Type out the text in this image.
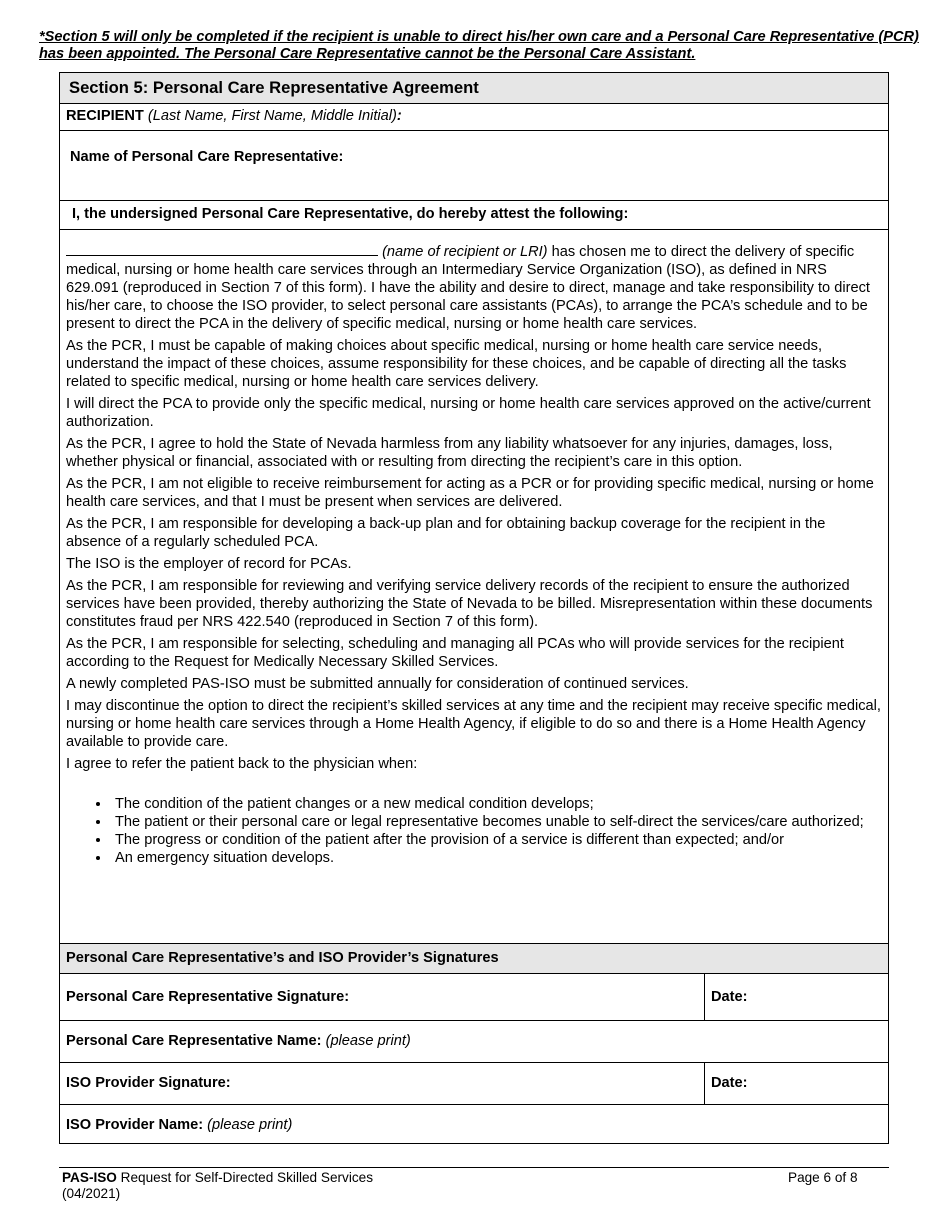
*Section 5 will only be completed if the recipient is unable to direct his/her own care and a Personal Care Representative (PCR) has been appointed. The Personal Care Representative cannot be the Personal Care Assistant.
Section 5: Personal Care Representative Agreement
RECIPIENT (Last Name, First Name, Middle Initial):
Name of Personal Care Representative:
I, the undersigned Personal Care Representative, do hereby attest the following:

(name of recipient or LRI) has chosen me to direct the delivery of specific medical, nursing or home health care services through an Intermediary Service Organization (ISO), as defined in NRS 629.091 (reproduced in Section 7 of this form). I have the ability and desire to direct, manage and take responsibility to direct his/her care, to choose the ISO provider, to select personal care assistants (PCAs), to arrange the PCA’s schedule and to be present to direct the PCA in the delivery of specific medical, nursing or home health care services.

As the PCR, I must be capable of making choices about specific medical, nursing or home health care service needs, understand the impact of these choices, assume responsibility for these choices, and be capable of directing all the tasks related to specific medical, nursing or home health care services delivery.

I will direct the PCA to provide only the specific medical, nursing or home health care services approved on the active/current authorization.

As the PCR, I agree to hold the State of Nevada harmless from any liability whatsoever for any injuries, damages, loss, whether physical or financial, associated with or resulting from directing the recipient’s care in this option.

As the PCR, I am not eligible to receive reimbursement for acting as a PCR or for providing specific medical, nursing or home health care services, and that I must be present when services are delivered.

As the PCR, I am responsible for developing a back-up plan and for obtaining backup coverage for the recipient in the absence of a regularly scheduled PCA.

The ISO is the employer of record for PCAs.

As the PCR, I am responsible for reviewing and verifying service delivery records of the recipient to ensure the authorized services have been provided, thereby authorizing the State of Nevada to be billed. Misrepresentation within these documents constitutes fraud per NRS 422.540 (reproduced in Section 7 of this form).

As the PCR, I am responsible for selecting, scheduling and managing all PCAs who will provide services for the recipient according to the Request for Medically Necessary Skilled Services.

A newly completed PAS-ISO must be submitted annually for consideration of continued services.

I may discontinue the option to direct the recipient’s skilled services at any time and the recipient may receive specific medical, nursing or home health care services through a Home Health Agency, if eligible to do so and there is a Home Health Agency available to provide care.

I agree to refer the patient back to the physician when:

• The condition of the patient changes or a new medical condition develops;
• The patient or their personal care or legal representative becomes unable to self-direct the services/care authorized;
• The progress or condition of the patient after the provision of a service is different than expected; and/or
• An emergency situation develops.
Personal Care Representative’s and ISO Provider’s Signatures
Personal Care Representative Signature:	Date:
Personal Care Representative Name: (please print)
ISO Provider Signature:	Date:
ISO Provider Name: (please print)
PAS-ISO Request for Self-Directed Skilled Services
(04/2021)
Page 6 of 8
